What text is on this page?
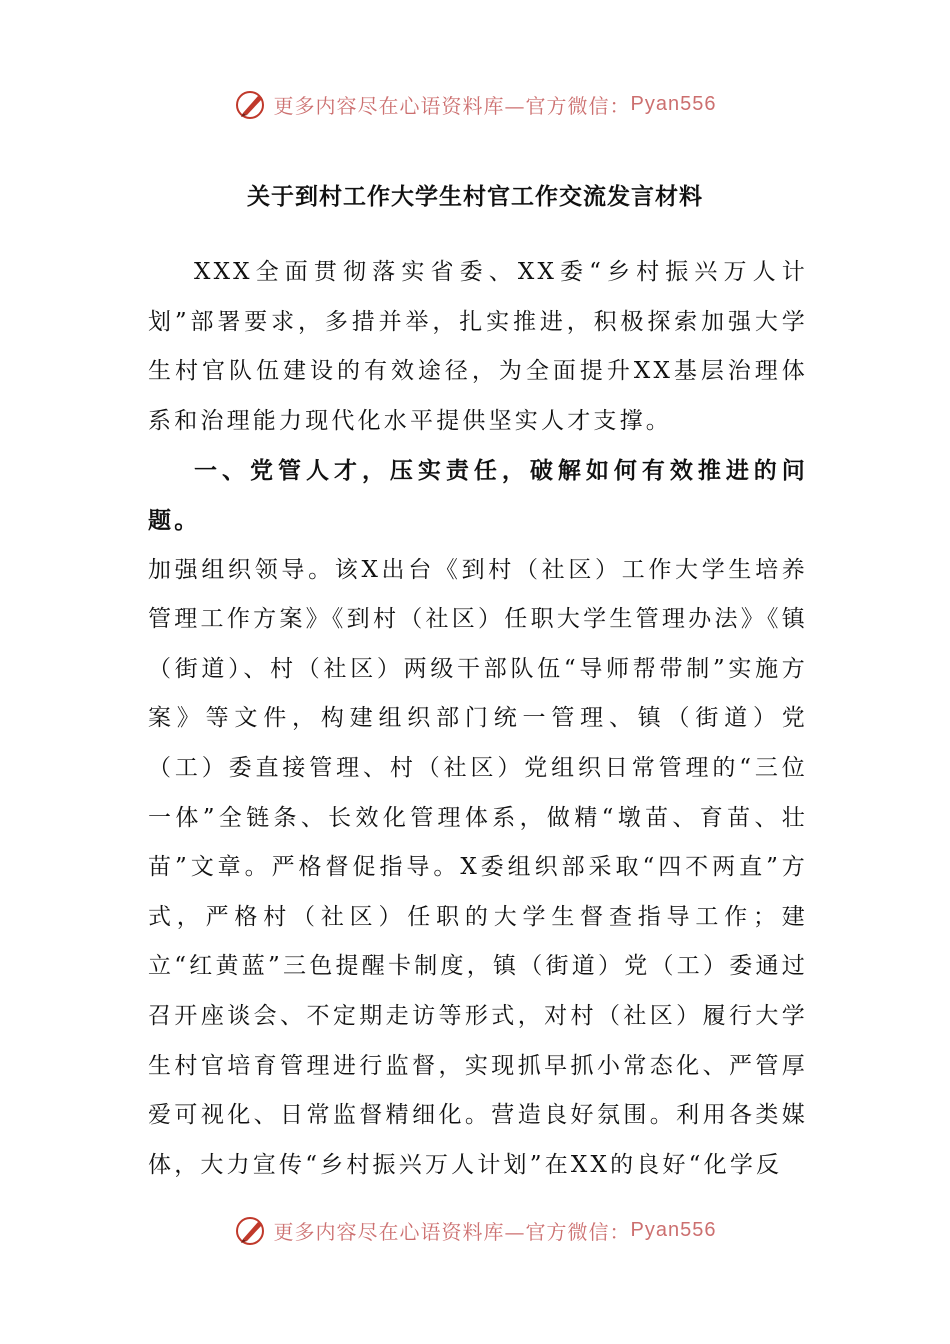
更多内容尽在心语资料库—官方微信： Pyan556
关于到村工作大学生村官工作交流发言材料

XXX全面贯彻落实省委、XX委“乡村振兴万人计划”部署要求，多措并举，扎实推进，积极探索加强大学生村官队伍建设的有效途径，为全面提升XX基层治理体系和治理能力现代化水平提供坚实人才支撑。

一、党管人才，压实责任，破解如何有效推进的问题。

加强组织领导。该X出台《到村（社区）工作大学生培养管理工作方案》《到村（社区）任职大学生管理办法》《镇（街道）、村（社区）两级干部队伍“导师帮带制”实施方案》等文件，构建组织部门统一管理、镇（街道）党（工）委直接管理、村（社区）党组织日常管理的“三位一体”全链条、长效化管理体系，做精“墩苗、育苗、壮苗”文章。严格督促指导。X委组织部采取“四不两直”方式，严格村（社区）任职的大学生督查指导工作；建立“红黄蓝”三色提醒卡制度，镇（街道）党（工）委通过召开座谈会、不定期走访等形式，对村（社区）履行大学生村官培育管理进行监督，实现抓早抓小常态化、严管厚爱可视化、日常监督精细化。营造良好氛围。利用各类媒体，大力宣传“乡村振兴万人计划”在XX的良好“化学反

更多内容尽在心语资料库—官方微信： Pyan556
